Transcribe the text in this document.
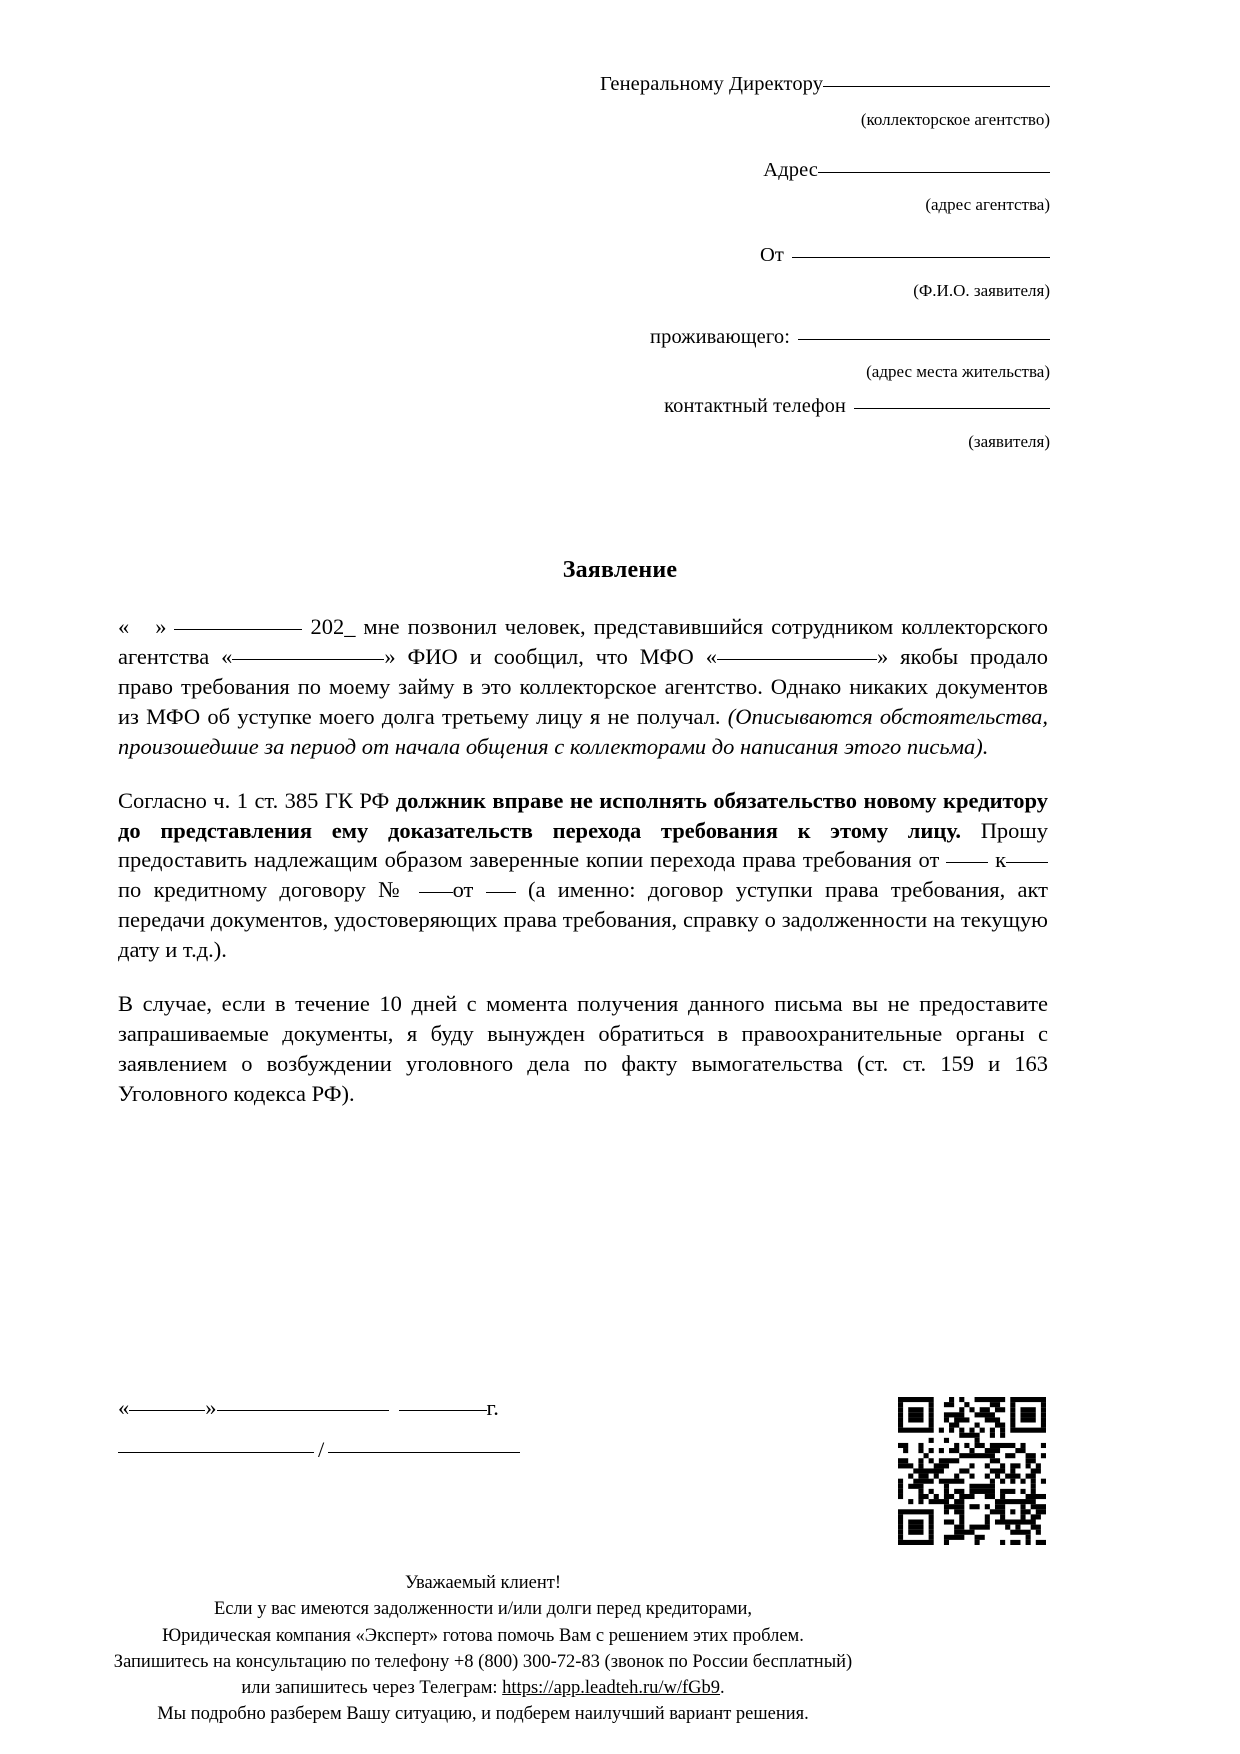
Генеральному Директору
(коллекторское агентство)
Адрес
(адрес агентства)
От
(Ф.И.О. заявителя)
проживающего:
(адрес места жительства)
контактный телефон
(заявителя)
Заявление

« »	202_ мне позвонил человек, представившийся сотрудником коллекторского агентства «	» ФИО и сообщил, что МФО «	» якобы продало право требования по моему займу в это коллекторское агентство. Однако никаких документов из МФО об уступке моего долга третьему лицу я не получал. (Описываются обстоятельства, произошедшие за период от начала общения с коллекторами до написания этого письма).

Согласно ч. 1 ст. 385 ГК РФ должник вправе не исполнять обязательство новому кредитору до представления ему доказательств перехода требования к этому лицу. Прошу предоставить надлежащим образом заверенные копии перехода права требования от к по кредитному договору № от (а именно: договор уступки права требования, акт передачи документов, удостоверяющих права требования, справку о задолженности на текущую дату и т.д.).

В случае, если в течение 10 дней с момента получения данного письма вы не предоставите запрашиваемые документы, я буду вынужден обратиться в правоохранительные органы с заявлением о возбуждении уголовного дела по факту вымогательства (ст. ст. 159 и 163 Уголовного кодекса РФ).

«	»	г.
/
Уважаемый клиент!
Если у вас имеются задолженности и/или долги перед кредиторами,
Юридическая компания «Эксперт» готова помочь Вам с решением этих проблем.
Запишитесь на консультацию по телефону +8 (800) 300-72-83 (звонок по России бесплатный)
или запишитесь через Телеграм: https://app.leadteh.ru/w/fGb9.
Мы подробно разберем Вашу ситуацию, и подберем наилучший вариант решения.
